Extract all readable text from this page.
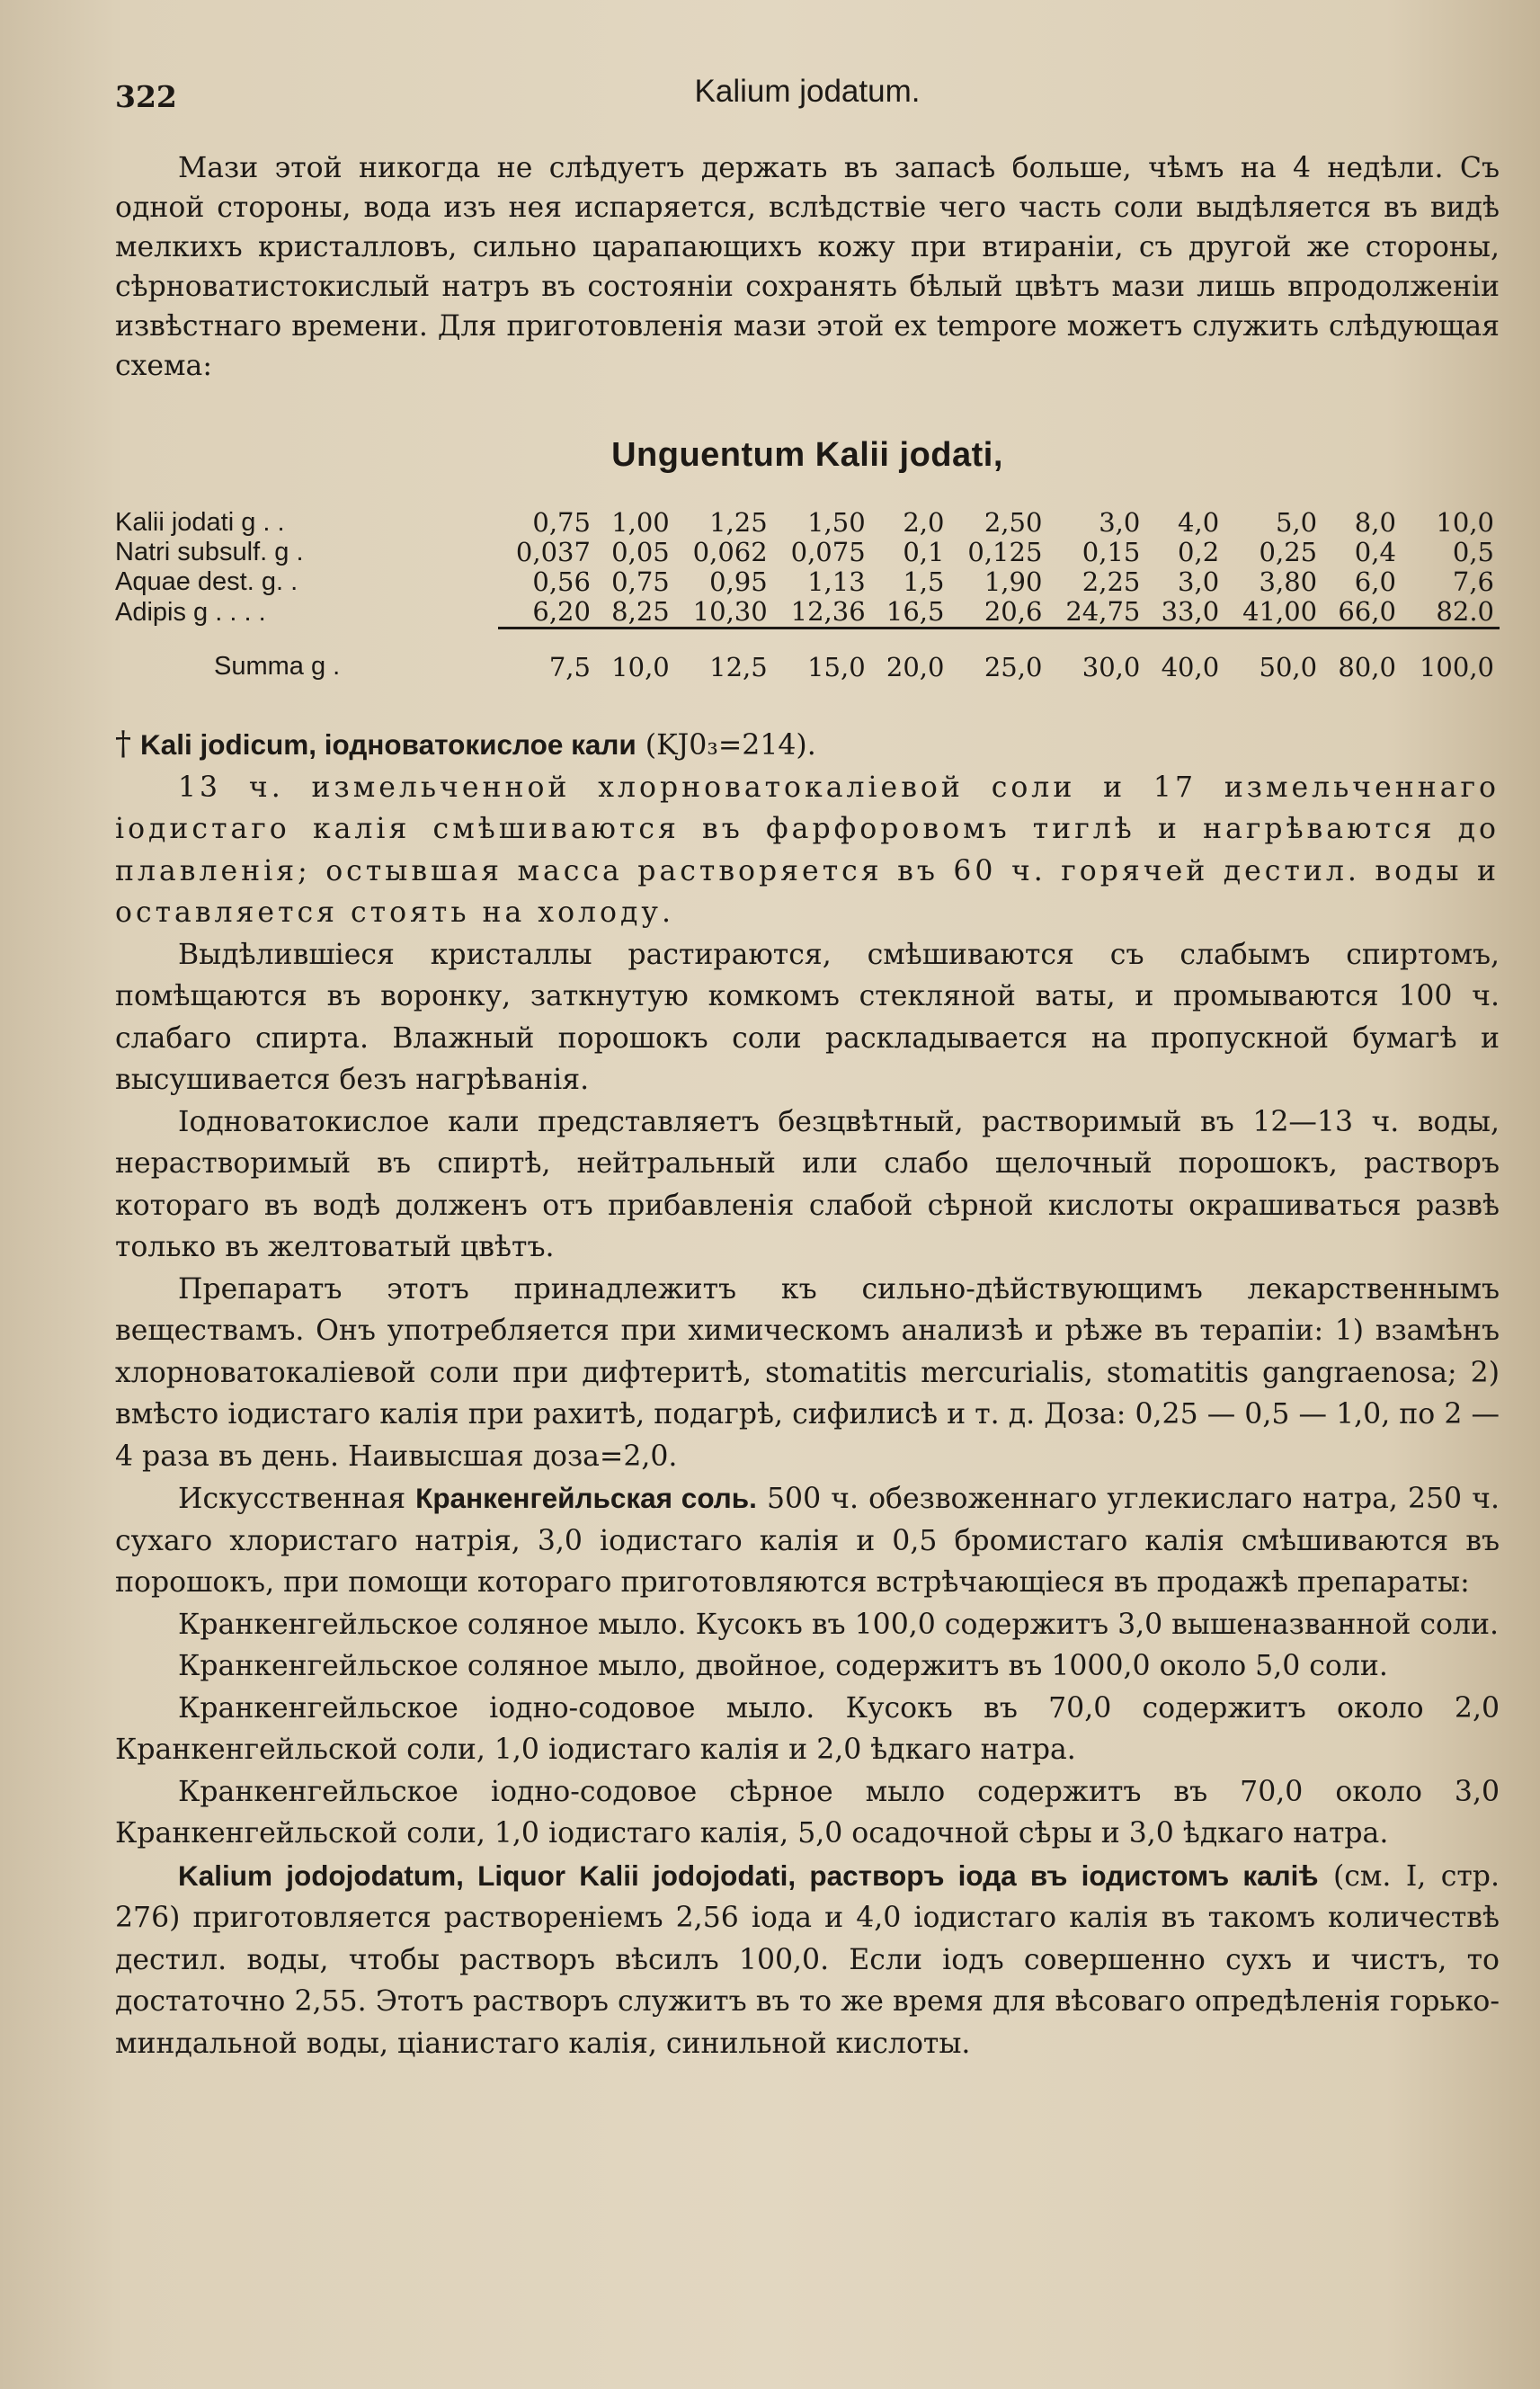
322	Kalium jodatum.

Мази этой никогда не слѣдуетъ держать въ запасѣ больше, чѣмъ на 4 недѣли. Съ одной стороны, вода изъ нея испаряется, вслѣдствіе чего часть соли выдѣляется въ видѣ мелкихъ кристалловъ, сильно царапающихъ кожу при втираніи, съ другой же стороны, сѣрноватистокислый натръ въ состояніи сохранять бѣлый цвѣтъ мази лишь впродолженіи извѣстнаго времени. Для приготовленія мази этой ex tempore можетъ служить слѣдующая схема:

Unguentum Kalii jodati,
Kalii jodati g . .	0,75	1,00	1,25	1,50	2,0	2,50	3,0	4,0	5,0	8,0	10,0
Natri subsulf. g .	0,037	0,05	0,062	0,075	0,1	0,125	0,15	0,2	0,25	0,4	0,5
Aquae dest. g. .	0,56	0,75	0,95	1,13	1,5	1,90	2,25	3,0	3,80	6,0	7,6
Adipis g . . . .	6,20	8,25	10,30	12,36	16,5	20,6	24,75	33,0	41,00	66,0	82.0
Summa g .	7,5	10,0	12,5	15,0	20,0	25,0	30,0	40,0	50,0	80,0	100,0

† Kali jodicum, іодноватокислое кали (KJ0₃=214).

13 ч. измельченной хлорноватокаліевой соли и 17 измельченнаго іодистаго калія смѣшиваются въ фарфоровомъ тиглѣ и нагрѣваются до плавленія; остывшая масса растворяется въ 60 ч. горячей дестил. воды и оставляется стоять на холоду.

Выдѣлившіеся кристаллы растираются, смѣшиваются съ слабымъ спиртомъ, помѣщаются въ воронку, заткнутую комкомъ стекляной ваты, и промываются 100 ч. слабаго спирта. Влажный порошокъ соли раскладывается на пропускной бумагѣ и высушивается безъ нагрѣванія.

Іодноватокислое кали представляетъ безцвѣтный, растворимый въ 12—13 ч. воды, нерастворимый въ спиртѣ, нейтральный или слабо щелочный порошокъ, растворъ котораго въ водѣ долженъ отъ прибавленія слабой сѣрной кислоты окрашиваться развѣ только въ желтоватый цвѣтъ.

Препаратъ этотъ принадлежитъ къ сильно-дѣйствующимъ лекарственнымъ веществамъ. Онъ употребляется при химическомъ анализѣ и рѣже въ терапіи: 1) взамѣнъ хлорноватокаліевой соли при дифтеритѣ, stomatitis mercurialis, stomatitis gangraenosa; 2) вмѣсто іодистаго калія при рахитѣ, подагрѣ, сифилисѣ и т. д. Доза: 0,25 — 0,5 — 1,0, по 2 — 4 раза въ день. Наивысшая доза=2,0.

Искусственная Кранкенгейльская соль. 500 ч. обезвоженнаго углекислаго натра, 250 ч. сухаго хлористаго натрія, 3,0 іодистаго калія и 0,5 бромистаго калія смѣшиваются въ порошокъ, при помощи котораго приготовляются встрѣчающіеся въ продажѣ препараты:

Кранкенгейльское соляное мыло. Кусокъ въ 100,0 содержитъ 3,0 вышеназванной соли.

Кранкенгейльское соляное мыло, двойное, содержитъ въ 1000,0 около 5,0 соли.

Кранкенгейльское іодно-содовое мыло. Кусокъ въ 70,0 содержитъ около 2,0 Кранкенгейльской соли, 1,0 іодистаго калія и 2,0 ѣдкаго натра.

Кранкенгейльское іодно-содовое сѣрное мыло содержитъ въ 70,0 около 3,0 Кранкенгейльской соли, 1,0 іодистаго калія, 5,0 осадочной сѣры и 3,0 ѣдкаго натра.

Kalium jodojodatum, Liquor Kalii jodojodati, растворъ іода въ іодистомъ каліѣ (см. I, стр. 276) приготовляется раствореніемъ 2,56 іода и 4,0 іодистаго калія въ такомъ количествѣ дестил. воды, чтобы растворъ вѣсилъ 100,0. Если іодъ совершенно сухъ и чистъ, то достаточно 2,55. Этотъ растворъ служитъ въ то же время для вѣсоваго опредѣленія горько-миндальной воды, ціанистаго калія, синильной кислоты.
